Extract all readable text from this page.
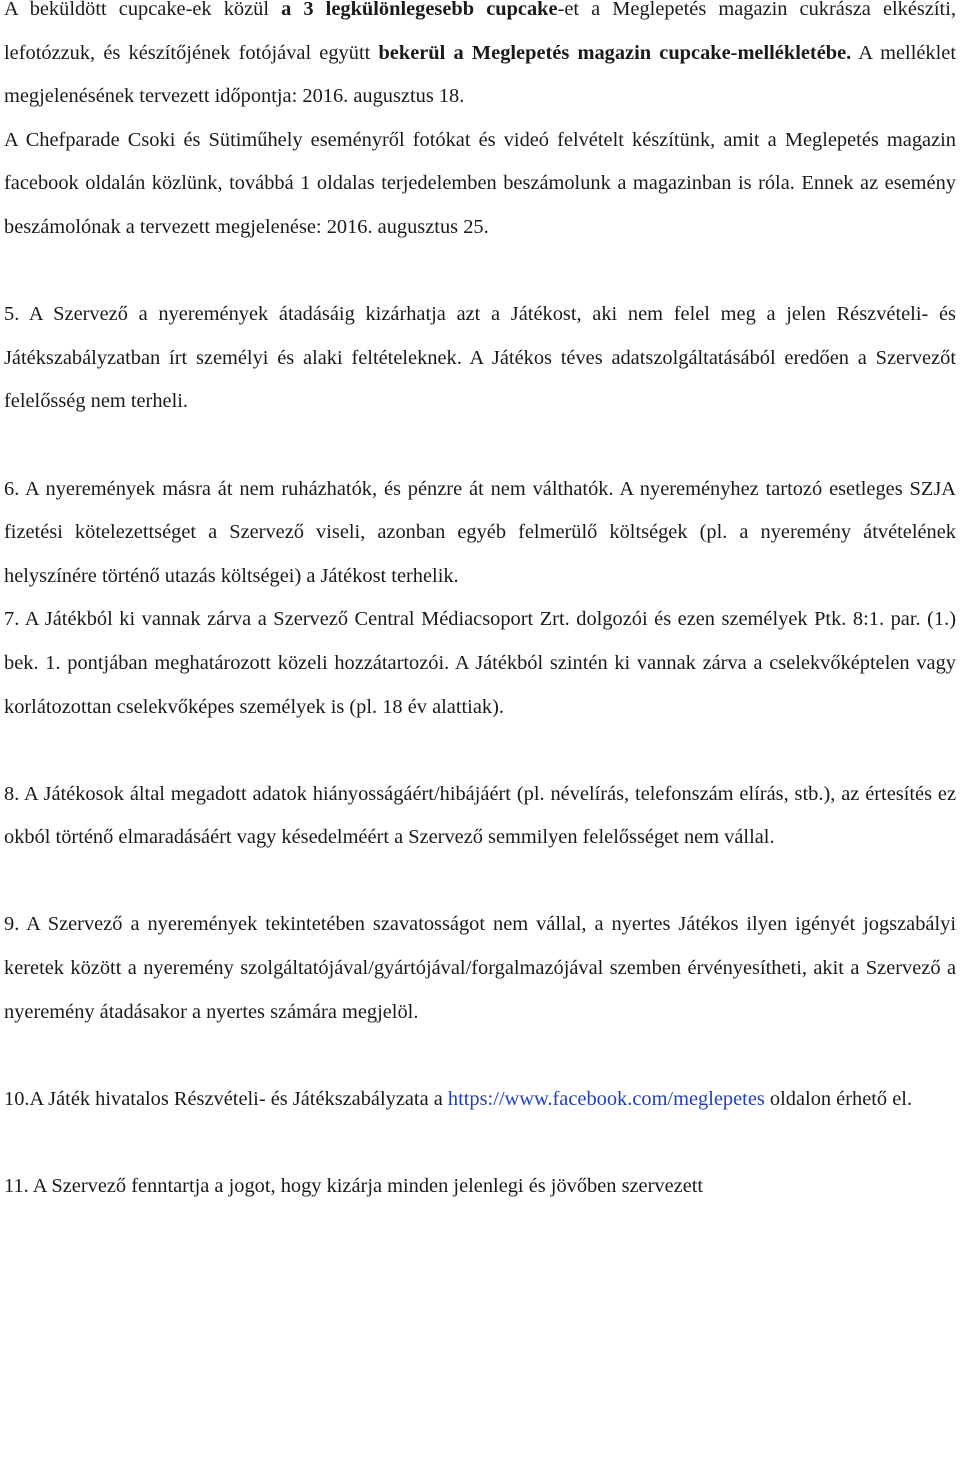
A beküldött cupcake-ek közül a 3 legkülönlegesebb cupcake-et a Meglepetés magazin cukrásza elkészíti, lefotózzuk, és készítőjének fotójával együtt bekerül a Meglepetés magazin cupcake-mellékletébe. A melléklet megjelenésének tervezett időpontja: 2016. augusztus 18.

A Chefparade Csoki és Sütiműhely eseményről fotókat és videó felvételt készítünk, amit a Meglepetés magazin facebook oldalán közlünk, továbbá 1 oldalas terjedelemben beszámolunk a magazinban is róla. Ennek az esemény beszámolónak a tervezett megjelenése: 2016. augusztus 25.

5. A Szervező a nyeremények átadásáig kizárhatja azt a Játékost, aki nem felel meg a jelen Részvételi- és Játékszabályzatban írt személyi és alaki feltételeknek. A Játékos téves adatszolgáltatásából eredően a Szervezőt felelősség nem terheli.

6. A nyeremények másra át nem ruházhatók, és pénzre át nem válthatók. A nyereményhez tartozó esetleges SZJA fizetési kötelezettséget a Szervező viseli, azonban egyéb felmerülő költségek (pl. a nyeremény átvételének helyszínére történő utazás költségei) a Játékost terhelik.

7. A Játékból ki vannak zárva a Szervező Central Médiacsoport Zrt. dolgozói és ezen személyek Ptk. 8:1. par. (1.) bek. 1. pontjában meghatározott közeli hozzátartozói. A Játékból szintén ki vannak zárva a cselekvőképtelen vagy korlátozottan cselekvőképes személyek is (pl. 18 év alattiak).

8. A Játékosok által megadott adatok hiányosságáért/hibájáért (pl. névelírás, telefonszám elírás, stb.), az értesítés ez okból történő elmaradásáért vagy késedelméért a Szervező semmilyen felelősséget nem vállal.

9. A Szervező a nyeremények tekintetében szavatosságot nem vállal, a nyertes Játékos ilyen igényét jogszabályi keretek között a nyeremény szolgáltatójával/gyártójával/forgalmazójával szemben érvényesítheti, akit a Szervező a nyeremény átadásakor a nyertes számára megjelöl.

10.A Játék hivatalos Részvételi- és Játékszabályzata a https://www.facebook.com/meglepetes oldalon érhető el.

11. A Szervező fenntartja a jogot, hogy kizárja minden jelenlegi és jövőben szervezett
